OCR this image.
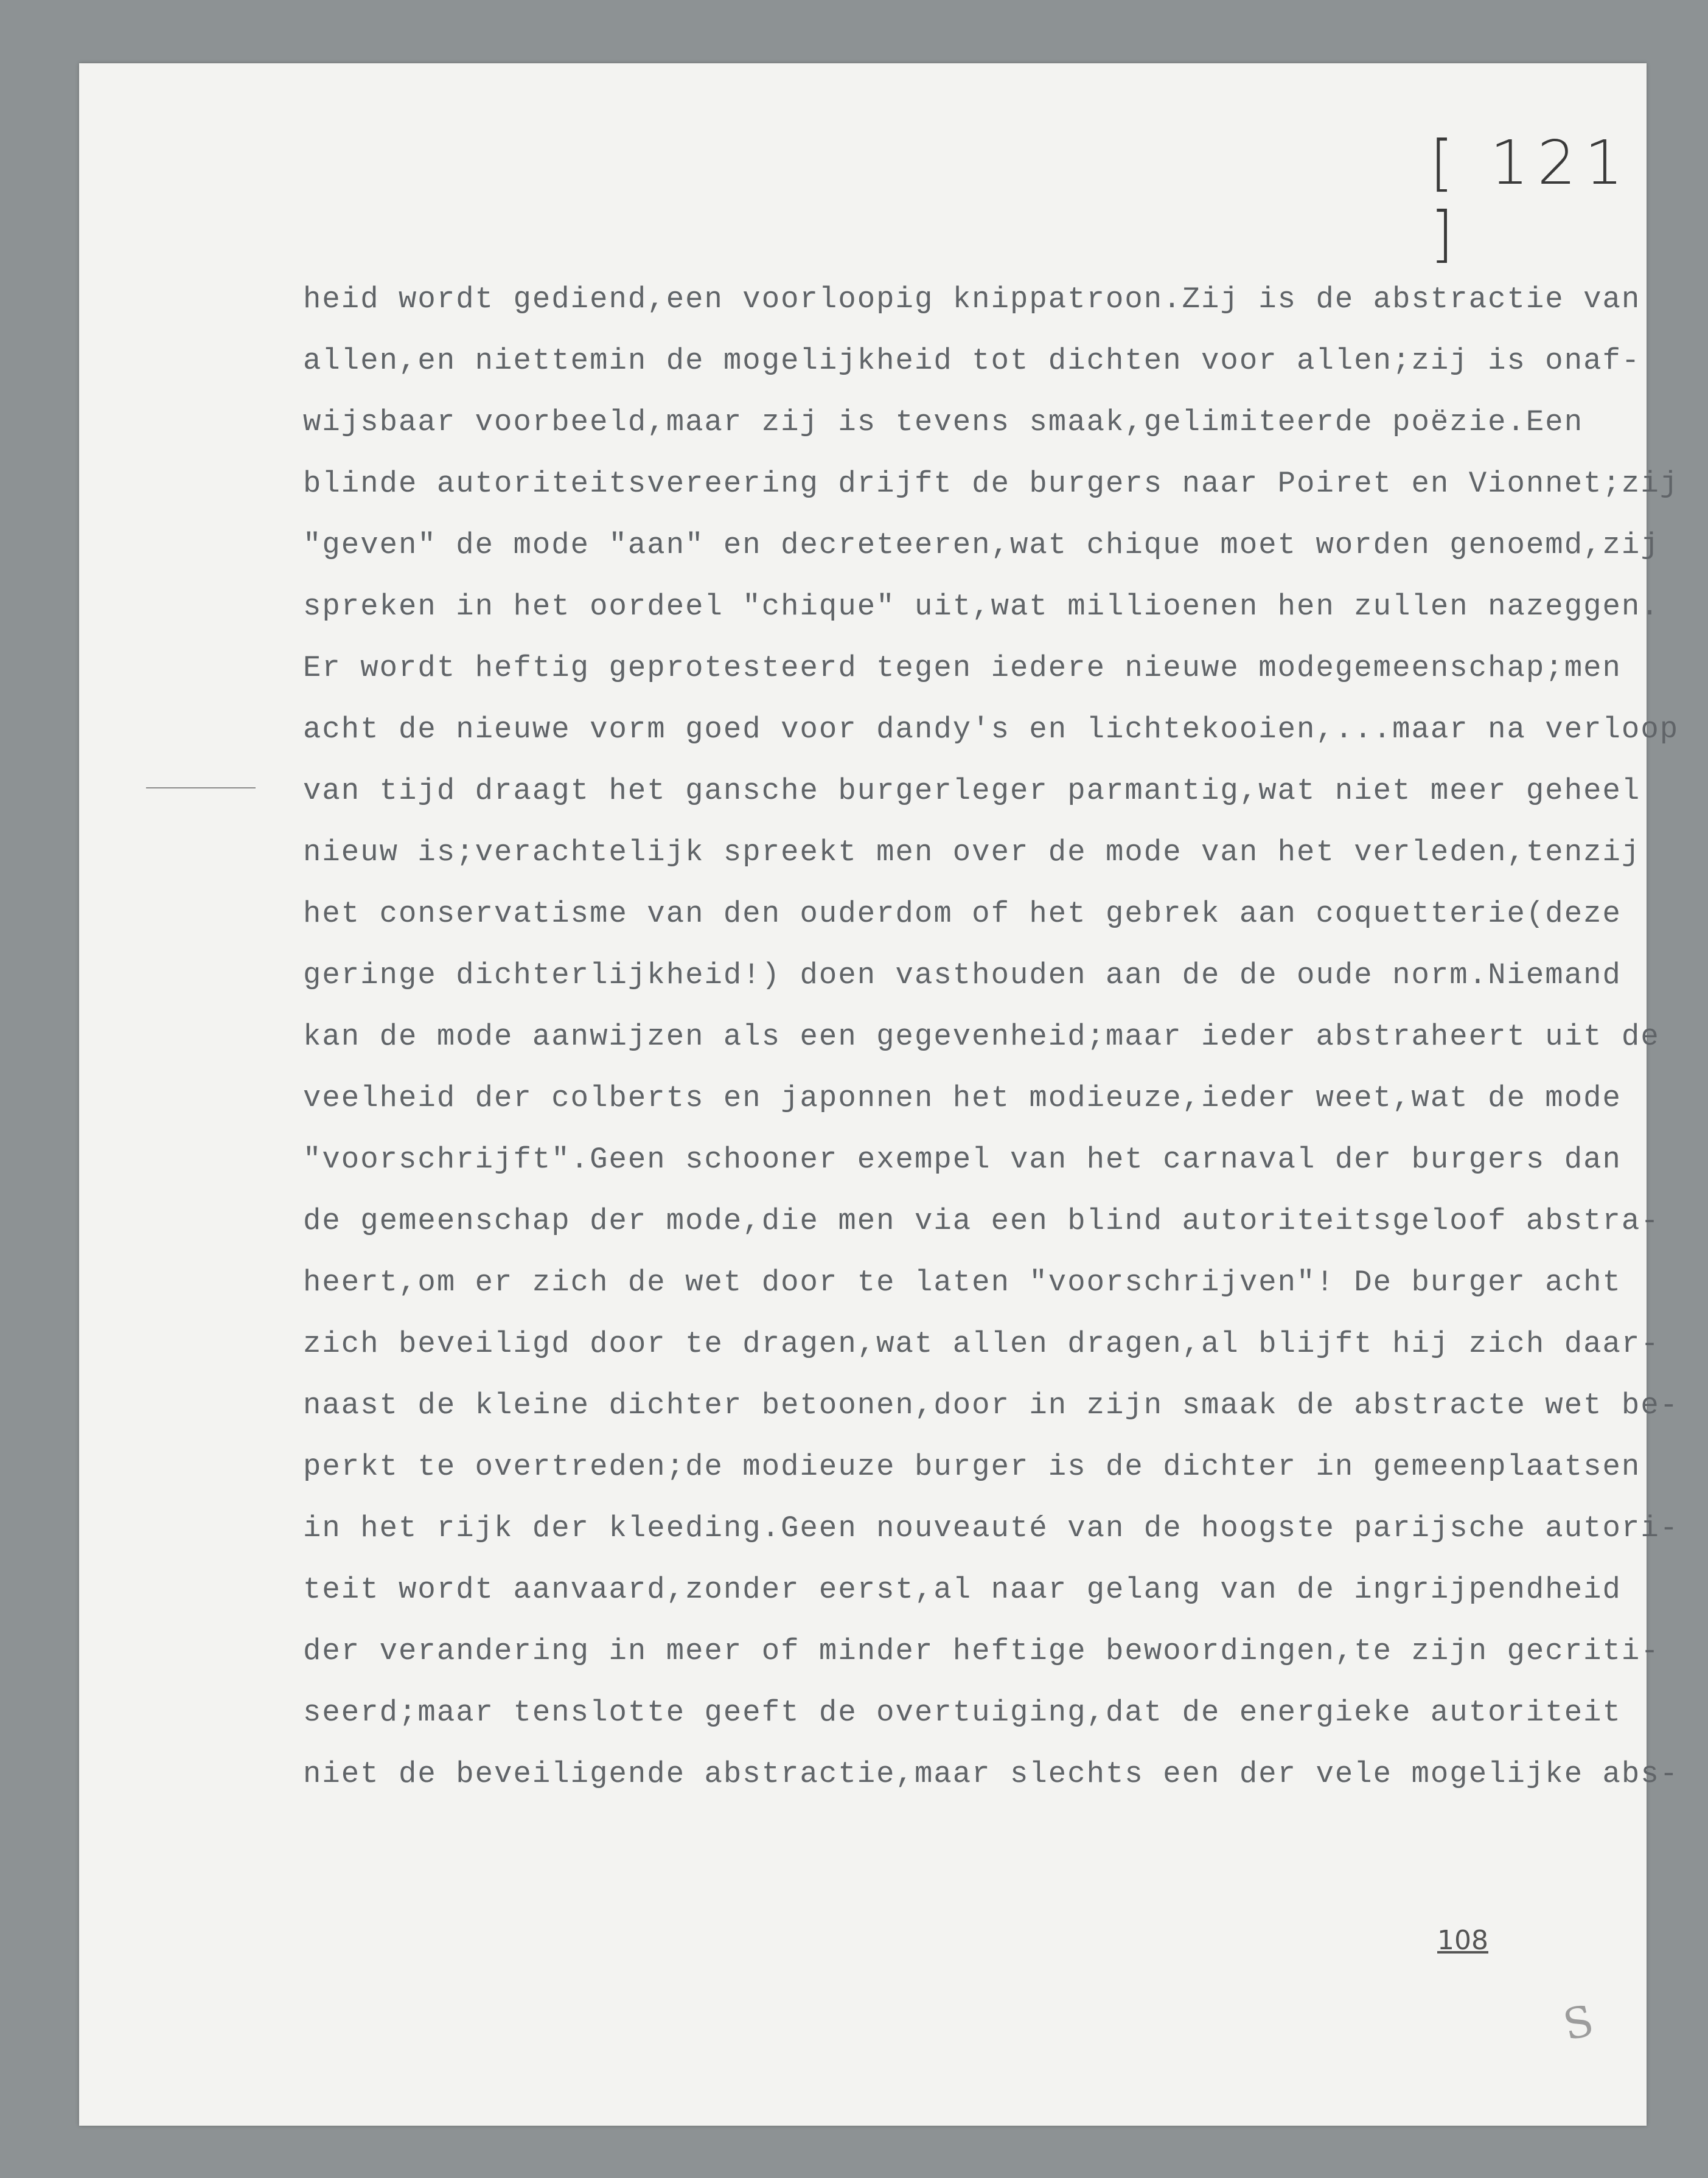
[ 121 ]
heid wordt gediend,een voorloopig knippatroon.Zij is de abstractie van
allen,en niettemin de mogelijkheid tot dichten voor allen;zij is onaf-
wijsbaar voorbeeld,maar zij is tevens smaak,gelimiteerde poëzie.Een
blinde autoriteitsvereering drijft de burgers naar Poiret en Vionnet;zij
"geven" de mode "aan" en decreteeren,wat chique moet worden genoemd,zij
spreken in het oordeel "chique" uit,wat millioenen hen zullen nazeggen.
Er wordt heftig geprotesteerd tegen iedere nieuwe modegemeenschap;men
acht de nieuwe vorm goed voor dandy's en lichtekooien,...maar na verloop
van tijd draagt het gansche burgerleger parmantig,wat niet meer geheel
nieuw is;verachtelijk spreekt men over de mode van het verleden,tenzij
het conservatisme van den ouderdom of het gebrek aan coquetterie(deze
geringe dichterlijkheid!) doen vasthouden aan de de oude norm.Niemand
kan de mode aanwijzen als een gegevenheid;maar ieder abstraheert uit de
veelheid der colberts en japonnen het modieuze,ieder weet,wat de mode
"voorschrijft".Geen schooner exempel van het carnaval der burgers dan
de gemeenschap der mode,die men via een blind autoriteitsgeloof abstra-
heert,om er zich de wet door te laten "voorschrijven"! De burger acht
zich beveiligd door te dragen,wat allen dragen,al blijft hij zich daar-
naast de kleine dichter betoonen,door in zijn smaak de abstracte wet be-
perkt te overtreden;de modieuze burger is de dichter in gemeenplaatsen
in het rijk der kleeding.Geen nouveauté van de hoogste parijsche autori-
teit wordt aanvaard,zonder eerst,al naar gelang van de ingrijpendheid
der verandering in meer of minder heftige bewoordingen,te zijn gecriti-
seerd;maar tenslotte geeft de overtuiging,dat de energieke autoriteit
niet de beveiligende abstractie,maar slechts een der vele mogelijke abs-
108
S
